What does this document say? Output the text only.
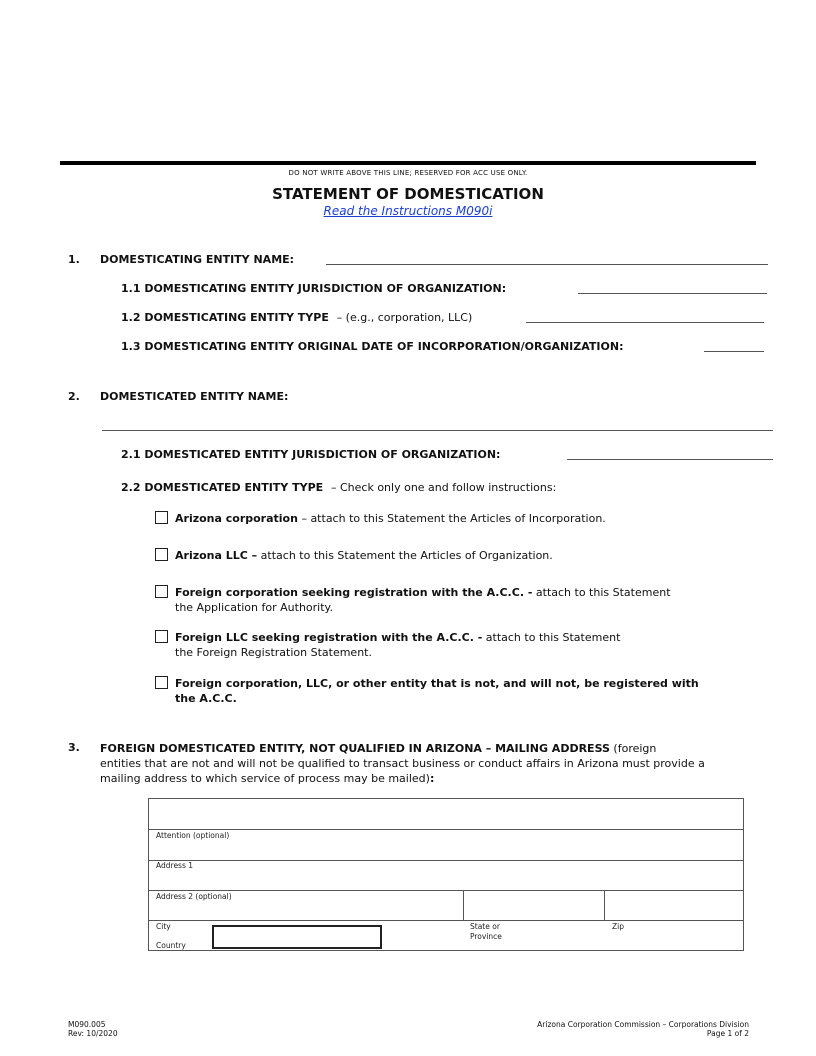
DO NOT WRITE ABOVE THIS LINE; RESERVED FOR ACC USE ONLY.
STATEMENT OF DOMESTICATION
Read the Instructions M090i
1. DOMESTICATING ENTITY NAME:
1.1 DOMESTICATING ENTITY JURISDICTION OF ORGANIZATION:
1.2 DOMESTICATING ENTITY TYPE – (e.g., corporation, LLC)
1.3 DOMESTICATING ENTITY ORIGINAL DATE OF INCORPORATION/ORGANIZATION:
2. DOMESTICATED ENTITY NAME:
2.1 DOMESTICATED ENTITY JURISDICTION OF ORGANIZATION:
2.2 DOMESTICATED ENTITY TYPE – Check only one and follow instructions:
Arizona corporation – attach to this Statement the Articles of Incorporation.
Arizona LLC – attach to this Statement the Articles of Organization.
Foreign corporation seeking registration with the A.C.C. - attach to this Statement
the Application for Authority.
Foreign LLC seeking registration with the A.C.C. - attach to this Statement
the Foreign Registration Statement.
Foreign corporation, LLC, or other entity that is not, and will not, be registered with
the A.C.C.
3. FOREIGN DOMESTICATED ENTITY, NOT QUALIFIED IN ARIZONA – MAILING ADDRESS (foreign
entities that are not and will not be qualified to transact business or conduct affairs in Arizona must provide a
mailing address to which service of process may be mailed):
Attention (optional)
Address 1
Address 2 (optional)
City
Country
State or
Province
Zip
M090.005
Rev: 10/2020
Arizona Corporation Commission – Corporations Division
Page 1 of 2
